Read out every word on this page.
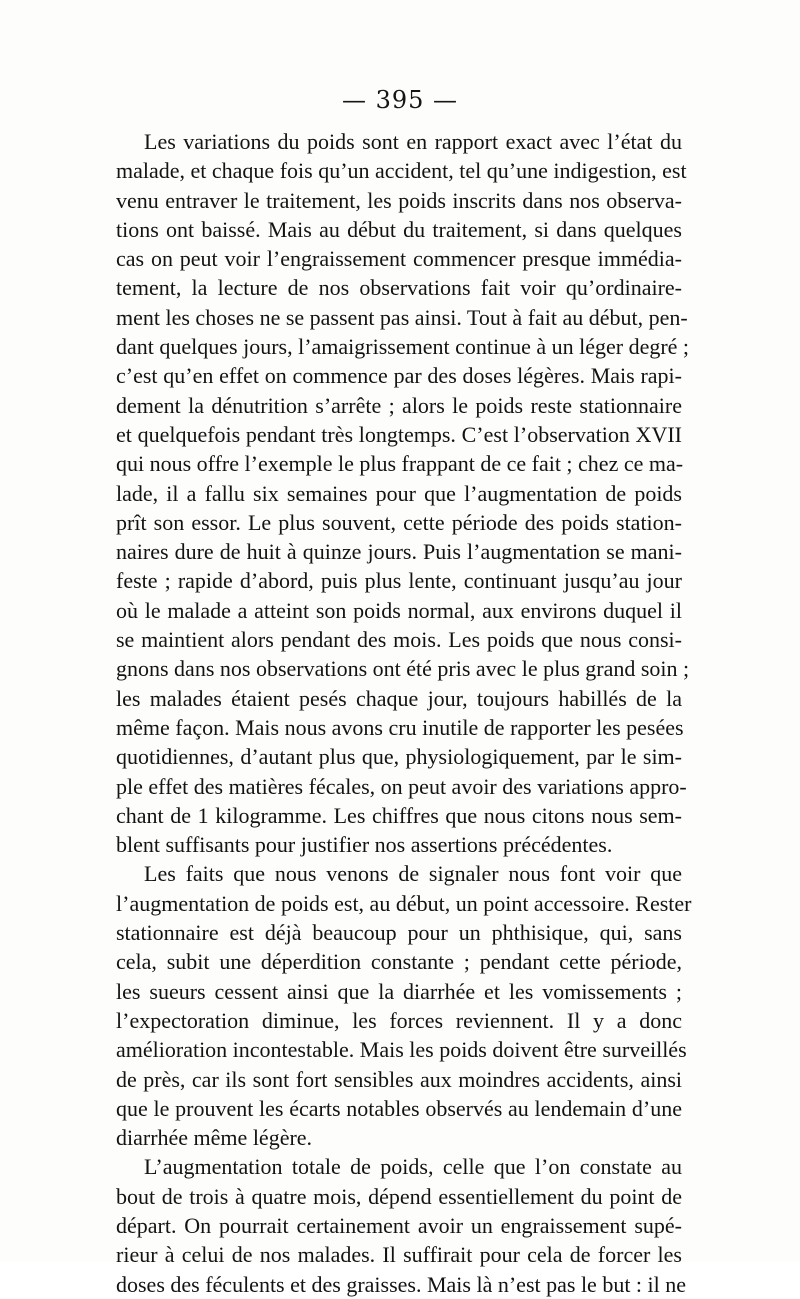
— 395 —
Les variations du poids sont en rapport exact avec l’état du
malade, et chaque fois qu’un accident, tel qu’une indigestion, est
venu entraver le traitement, les poids inscrits dans nos observa-
tions ont baissé. Mais au début du traitement, si dans quelques
cas on peut voir l’engraissement commencer presque immédia-
tement, la lecture de nos observations fait voir qu’ordinaire-
ment les choses ne se passent pas ainsi. Tout à fait au début, pen-
dant quelques jours, l’amaigrissement continue à un léger degré ;
c’est qu’en effet on commence par des doses légères. Mais rapi-
dement la dénutrition s’arrête ; alors le poids reste stationnaire
et quelquefois pendant très longtemps. C’est l’observation XVII
qui nous offre l’exemple le plus frappant de ce fait ; chez ce ma-
lade, il a fallu six semaines pour que l’augmentation de poids
prît son essor. Le plus souvent, cette période des poids station-
naires dure de huit à quinze jours. Puis l’augmentation se mani-
feste ; rapide d’abord, puis plus lente, continuant jusqu’au jour
où le malade a atteint son poids normal, aux environs duquel il
se maintient alors pendant des mois. Les poids que nous consi-
gnons dans nos observations ont été pris avec le plus grand soin ;
les malades étaient pesés chaque jour, toujours habillés de la
même façon. Mais nous avons cru inutile de rapporter les pesées
quotidiennes, d’autant plus que, physiologiquement, par le sim-
ple effet des matières fécales, on peut avoir des variations appro-
chant de 1 kilogramme. Les chiffres que nous citons nous sem-
blent suffisants pour justifier nos assertions précédentes.
Les faits que nous venons de signaler nous font voir que
l’augmentation de poids est, au début, un point accessoire. Rester
stationnaire est déjà beaucoup pour un phthisique, qui, sans
cela, subit une déperdition constante ; pendant cette période,
les sueurs cessent ainsi que la diarrhée et les vomissements ;
l’expectoration diminue, les forces reviennent. Il y a donc
amélioration incontestable. Mais les poids doivent être surveillés
de près, car ils sont fort sensibles aux moindres accidents, ainsi
que le prouvent les écarts notables observés au lendemain d’une
diarrhée même légère.
L’augmentation totale de poids, celle que l’on constate au
bout de trois à quatre mois, dépend essentiellement du point de
départ. On pourrait certainement avoir un engraissement supé-
rieur à celui de nos malades. Il suffirait pour cela de forcer les
doses des féculents et des graisses. Mais là n’est pas le but : il ne
